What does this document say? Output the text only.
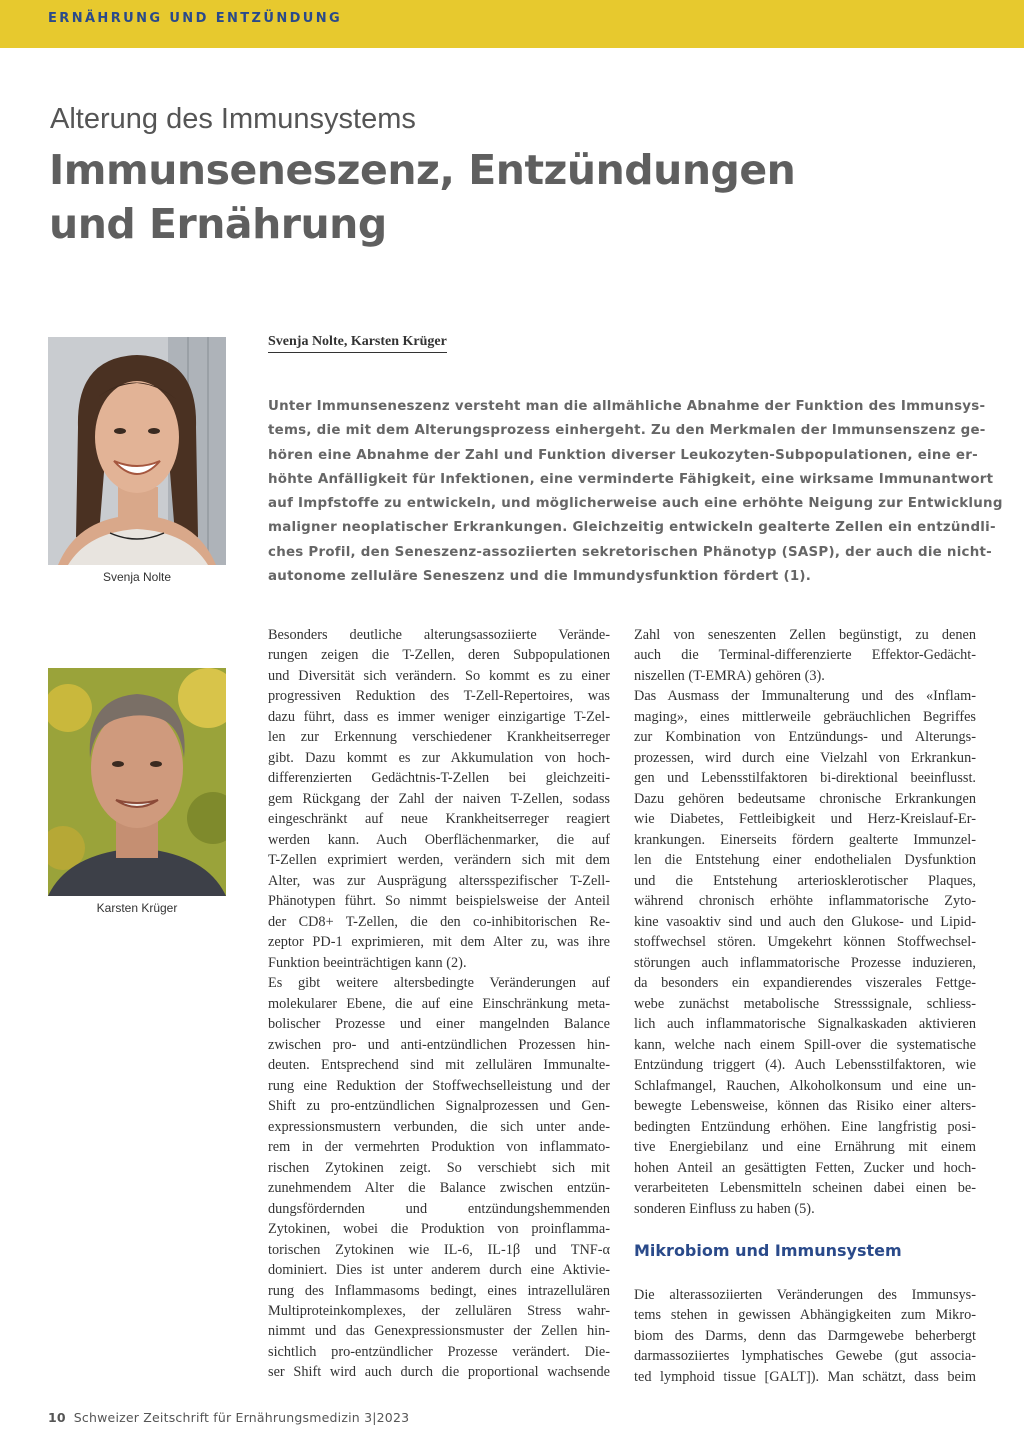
ERNÄHRUNG UND ENTZÜNDUNG
Alterung des Immunsystems
Immunseneszenz, Entzündungen
und Ernährung
Svenja Nolte
Karsten Krüger
Svenja Nolte, Karsten Krüger
Unter Immunseneszenz versteht man die allmähliche Abnahme der Funktion des Immunsys-
tems, die mit dem Alterungsprozess einhergeht. Zu den Merkmalen der Immunsenszenz ge-
hören eine Abnahme der Zahl und Funktion diverser Leukozyten-Subpopulationen, eine er-
höhte Anfälligkeit für Infektionen, eine verminderte Fähigkeit, eine wirksame Immunantwort
auf Impfstoffe zu entwickeln, und möglicherweise auch eine erhöhte Neigung zur Entwicklung
maligner neoplatischer Erkrankungen. Gleichzeitig entwickeln gealterte Zellen ein entzündli-
ches Profil, den Seneszenz-assoziierten sekretorischen Phänotyp (SASP), der auch die nicht-
autonome zelluläre Seneszenz und die Immundysfunktion fördert (1).
Besonders deutliche alterungsassoziierte Verände-
rungen zeigen die T-Zellen, deren Subpopulationen
und Diversität sich verändern. So kommt es zu einer
progressiven Reduktion des T-Zell-Repertoires, was
dazu führt, dass es immer weniger einzigartige T-Zel-
len zur Erkennung verschiedener Krankheitserreger
gibt. Dazu kommt es zur Akkumulation von hoch-
differenzierten Gedächtnis-T-Zellen bei gleichzeiti-
gem Rückgang der Zahl der naiven T-Zellen, sodass
eingeschränkt auf neue Krankheitserreger reagiert
werden kann. Auch Oberflächenmarker, die auf
T-Zellen exprimiert werden, verändern sich mit dem
Alter, was zur Ausprägung altersspezifischer T-Zell-
Phänotypen führt. So nimmt beispielsweise der Anteil
der CD8+ T-Zellen, die den co-inhibitorischen Re-
zeptor PD-1 exprimieren, mit dem Alter zu, was ihre
Funktion beeinträchtigen kann (2).
Es gibt weitere altersbedingte Veränderungen auf
molekularer Ebene, die auf eine Einschränkung meta-
bolischer Prozesse und einer mangelnden Balance
zwischen pro- und anti-entzündlichen Prozessen hin-
deuten. Entsprechend sind mit zellulären Immunalte-
rung eine Reduktion der Stoffwechselleistung und der
Shift zu pro-entzündlichen Signalprozessen und Gen-
expressionsmustern verbunden, die sich unter ande-
rem in der vermehrten Produktion von inflammato-
rischen Zytokinen zeigt. So verschiebt sich mit
zunehmendem Alter die Balance zwischen entzün-
dungsfördernden und entzündungshemmenden
Zytokinen, wobei die Produktion von proinflamma-
torischen Zytokinen wie IL-6, IL-1β und TNF-α
dominiert. Dies ist unter anderem durch eine Aktivie-
rung des Inflammasoms bedingt, eines intrazellulären
Multiproteinkomplexes, der zellulären Stress wahr-
nimmt und das Genexpressionsmuster der Zellen hin-
sichtlich pro-entzündlicher Prozesse verändert. Die-
ser Shift wird auch durch die proportional wachsende
Zahl von seneszenten Zellen begünstigt, zu denen
auch die Terminal-differenzierte Effektor-Gedächt-
niszellen (T-EMRA) gehören (3).
Das Ausmass der Immunalterung und des «Inflam-
maging», eines mittlerweile gebräuchlichen Begriffes
zur Kombination von Entzündungs- und Alterungs-
prozessen, wird durch eine Vielzahl von Erkrankun-
gen und Lebensstilfaktoren bi-direktional beeinflusst.
Dazu gehören bedeutsame chronische Erkrankungen
wie Diabetes, Fettleibigkeit und Herz-Kreislauf-Er-
krankungen. Einerseits fördern gealterte Immunzel-
len die Entstehung einer endothelialen Dysfunktion
und die Entstehung arteriosklerotischer Plaques,
während chronisch erhöhte inflammatorische Zyto-
kine vasoaktiv sind und auch den Glukose- und Lipid-
stoffwechsel stören. Umgekehrt können Stoffwechsel-
störungen auch inflammatorische Prozesse induzieren,
da besonders ein expandierendes viszerales Fettge-
webe zunächst metabolische Stresssignale, schliess-
lich auch inflammatorische Signalkaskaden aktivieren
kann, welche nach einem Spill-over die systematische
Entzündung triggert (4). Auch Lebensstilfaktoren, wie
Schlafmangel, Rauchen, Alkoholkonsum und eine un-
bewegte Lebensweise, können das Risiko einer alters-
bedingten Entzündung erhöhen. Eine langfristig posi-
tive Energiebilanz und eine Ernährung mit einem
hohen Anteil an gesättigten Fetten, Zucker und hoch-
verarbeiteten Lebensmitteln scheinen dabei einen be-
sonderen Einfluss zu haben (5).
Mikrobiom und Immunsystem
Die alterassoziierten Veränderungen des Immunsys-
tems stehen in gewissen Abhängigkeiten zum Mikro-
biom des Darms, denn das Darmgewebe beherbergt
darmassoziiertes lymphatisches Gewebe (gut associa-
ted lymphoid tissue [GALT]). Man schätzt, dass beim
10 Schweizer Zeitschrift für Ernährungsmedizin 3|2023
